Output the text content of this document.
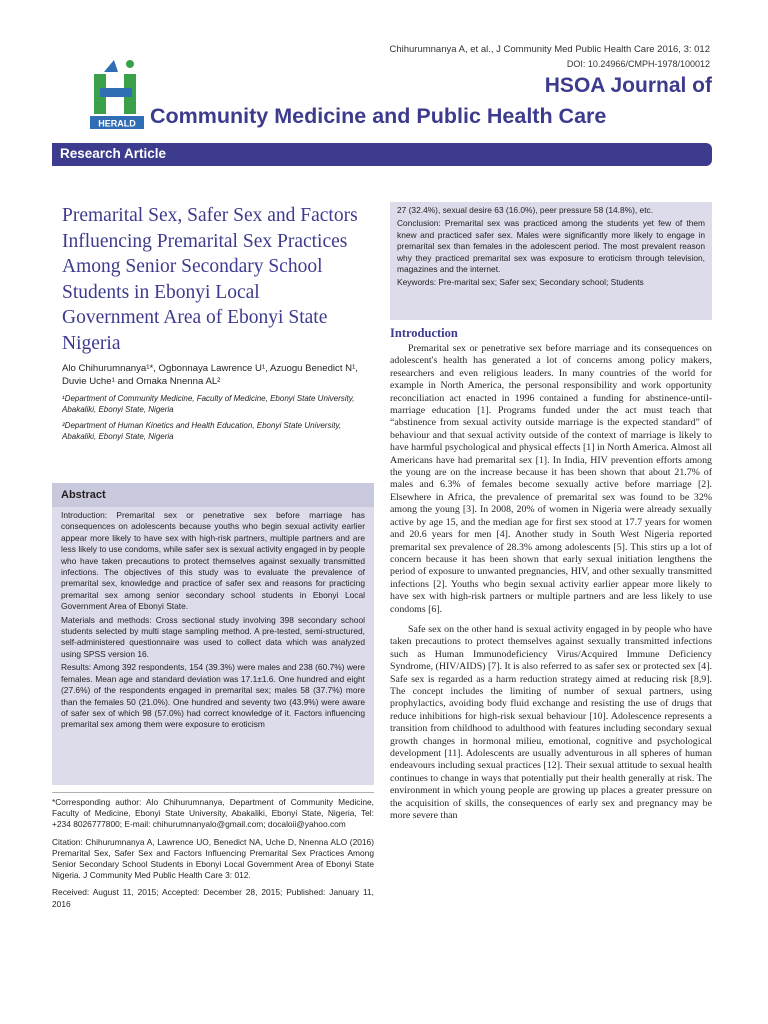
Chihurumnanya A, et al., J Community Med Public Health Care 2016, 3: 012
DOI: 10.24966/CMPH-1978/100012
HERALD
HSOA Journal of
Community Medicine and Public Health Care
Research Article
Premarital Sex, Safer Sex and Factors Influencing Premarital Sex Practices Among Senior Secondary School Students in Ebonyi Local Government Area of Ebonyi State Nigeria
Alo Chihurumnanya¹*, Ogbonnaya Lawrence U¹, Azuogu Benedict N¹, Duvie Uche¹ and Omaka Nnenna AL²
¹Department of Community Medicine, Faculty of Medicine, Ebonyi State University, Abakaliki, Ebonyi State, Nigeria
²Department of Human Kinetics and Health Education, Ebonyi State University, Abakaliki, Ebonyi State, Nigeria
Abstract

Introduction: Premarital sex or penetrative sex before marriage has consequences on adolescents because youths who begin sexual activity earlier appear more likely to have sex with high-risk partners, multiple partners and are less likely to use condoms, while safer sex is sexual activity engaged in by people who have taken precautions to protect themselves against sexually transmitted infections. The objectives of this study was to evaluate the prevalence of premarital sex, knowledge and practice of safer sex and reasons for practicing premarital sex among senior secondary school students in Ebonyi Local Government Area of Ebonyi State.

Materials and methods: Cross sectional study involving 398 secondary school students selected by multi stage sampling method. A pre-tested, semi-structured, self-administered questionnaire was used to collect data which was analyzed using SPSS version 16.

Results: Among 392 respondents, 154 (39.3%) were males and 238 (60.7%) were females. Mean age and standard deviation was 17.1±1.6. One hundred and eight (27.6%) of the respondents engaged in premarital sex; males 58 (37.7%) more than the females 50 (21.0%). One hundred and seventy two (43.9%) were aware of safer sex of which 98 (57.0%) had correct knowledge of it. Factors influencing premarital sex among them were exposure to eroticism

*Corresponding author: Alo Chihurumnanya, Department of Community Medicine, Faculty of Medicine, Ebonyi State University, Abakaliki, Ebonyi State, Nigeria, Tel: +234 8026777800; E-mail: chihurumnanyalo@gmail.com; docaloii@yahoo.com

Citation: Chihurumnanya A, Lawrence UO, Benedict NA, Uche D, Nnenna ALO (2016) Premarital Sex, Safer Sex and Factors Influencing Premarital Sex Practices Among Senior Secondary School Students in Ebonyi Local Government Area of Ebonyi State Nigeria. J Community Med Public Health Care 3: 012.

Received: August 11, 2015; Accepted: December 28, 2015; Published: January 11, 2016

27 (32.4%), sexual desire 63 (16.0%), peer pressure 58 (14.8%), etc.

Conclusion: Premarital sex was practiced among the students yet few of them knew and practiced safer sex. Males were significantly more likely to engage in premarital sex than females in the adolescent period. The most prevalent reason why they practiced premarital sex was exposure to eroticism through television, magazines and the internet.

Keywords: Pre-marital sex; Safer sex; Secondary school; Students

Introduction

Premarital sex or penetrative sex before marriage and its consequences on adolescent's health has generated a lot of concerns among policy makers, researchers and even religious leaders. In many countries of the world for example in North America, the personal responsibility and work opportunity reconciliation act enacted in 1996 contained a funding for abstinence-until-marriage education [1]. Programs funded under the act must teach that “abstinence from sexual activity outside marriage is the expected standard” of behaviour and that sexual activity outside of the context of marriage is likely to have harmful psychological and physical effects [1] in North America. Almost all Americans have had premarital sex [1]. In India, HIV prevention efforts among the young are on the increase because it has been shown that about 21.7% of males and 6.3% of females become sexually active before marriage [2]. Elsewhere in Africa, the prevalence of premarital sex was found to be 32% among the young [3]. In 2008, 20% of women in Nigeria were already sexually active by age 15, and the median age for first sex stood at 17.7 years for women and 20.6 years for men [4]. Another study in South West Nigeria reported premarital sex prevalence of 28.3% among adolescents [5]. This stirs up a lot of concern because it has been shown that early sexual initiation lengthens the period of exposure to unwanted pregnancies, HIV, and other sexually transmitted infections [2]. Youths who begin sexual activity earlier appear more likely to have sex with high-risk partners or multiple partners and are less likely to use condoms [6].

Safe sex on the other hand is sexual activity engaged in by people who have taken precautions to protect themselves against sexually transmitted infections such as Human Immunodeficiency Virus/Acquired Immune Deficiency Syndrome, (HIV/AIDS) [7]. It is also referred to as safer sex or protected sex [4]. Safe sex is regarded as a harm reduction strategy aimed at reducing risk [8,9]. The concept includes the limiting of number of sexual partners, using prophylactics, avoiding body fluid exchange and resisting the use of drugs that reduce inhibitions for high-risk sexual behaviour [10]. Adolescence represents a transition from childhood to adulthood with features including secondary sexual growth changes in hormonal milieu, emotional, cognitive and psychological development [11]. Adolescents are usually adventurous in all spheres of human endeavours including sexual practices [12]. Their sexual attitude to sexual health continues to change in ways that potentially put their health generally at risk. The environment in which young people are growing up places a greater pressure on the acquisition of skills, the consequences of early sex and pregnancy may be more severe than
